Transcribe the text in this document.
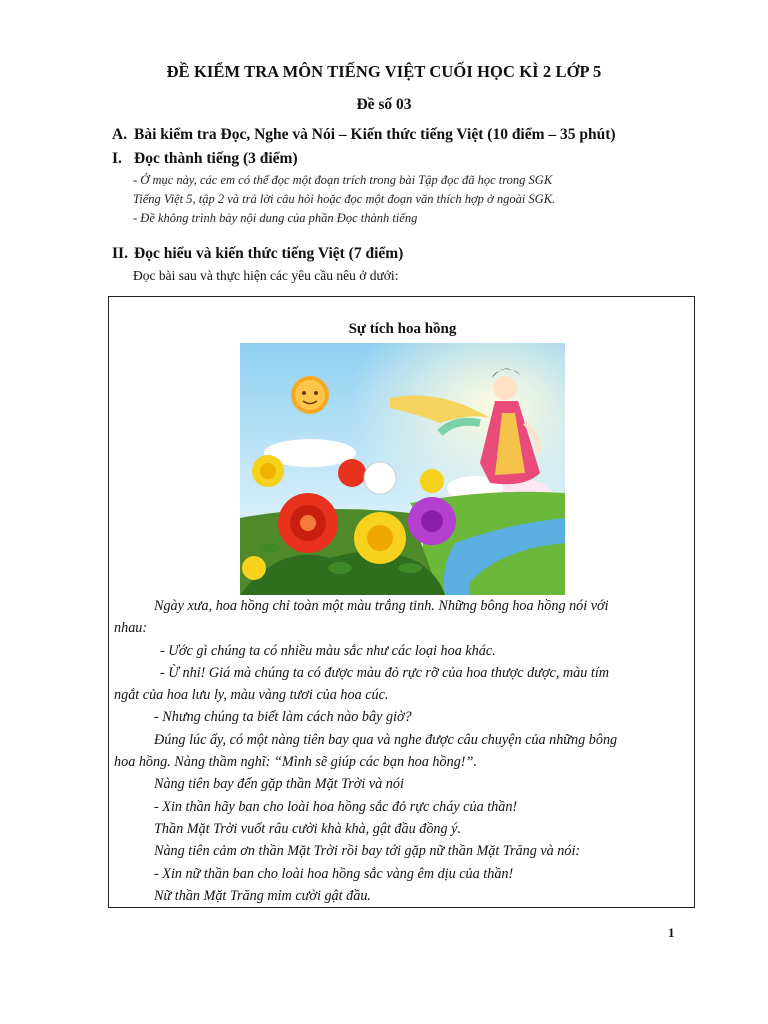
ĐỀ KIỂM TRA MÔN TIẾNG VIỆT CUỐI HỌC KÌ 2 LỚP 5
Đề số 03
A. Bài kiểm tra Đọc, Nghe và Nói – Kiến thức tiếng Việt (10 điểm – 35 phút)
I. Đọc thành tiếng (3 điểm)
- Ở mục này, các em có thể đọc một đoạn trích trong bài Tập đọc đã học trong SGK
Tiếng Việt 5, tập 2 và trả lời câu hỏi hoặc đọc một đoạn văn thích hợp ở ngoài SGK.
- Đề không trình bày nội dung của phần Đọc thành tiếng
II. Đọc hiểu và kiến thức tiếng Việt (7 điểm)
Đọc bài sau và thực hiện các yêu cầu nêu ở dưới:
Sự tích hoa hồng
Ngày xưa, hoa hồng chỉ toàn một màu trắng tinh. Những bông hoa hồng nói với
nhau:
- Ước gì chúng ta có nhiều màu sắc như các loại hoa khác.
- Ừ nhỉ! Giá mà chúng ta có được màu đỏ rực rỡ của hoa thược dược, màu tím
ngắt của hoa lưu ly, màu vàng tươi của hoa cúc.
- Nhưng chúng ta biết làm cách nào bây giờ?
Đúng lúc ấy, có một nàng tiên bay qua và nghe được câu chuyện của những bông
hoa hồng. Nàng thầm nghĩ: “Mình sẽ giúp các bạn hoa hồng!”.
Nàng tiên bay đến gặp thần Mặt Trời và nói
- Xin thần hãy ban cho loài hoa hồng sắc đỏ rực cháy của thần!
Thần Mặt Trời vuốt râu cười khà khà, gật đầu đồng ý.
Nàng tiên cảm ơn thần Mặt Trời rồi bay tới gặp nữ thần Mặt Trăng và nói:
- Xin nữ thần ban cho loài hoa hồng sắc vàng êm dịu của thần!
Nữ thần Mặt Trăng mỉm cười gật đầu.
1
